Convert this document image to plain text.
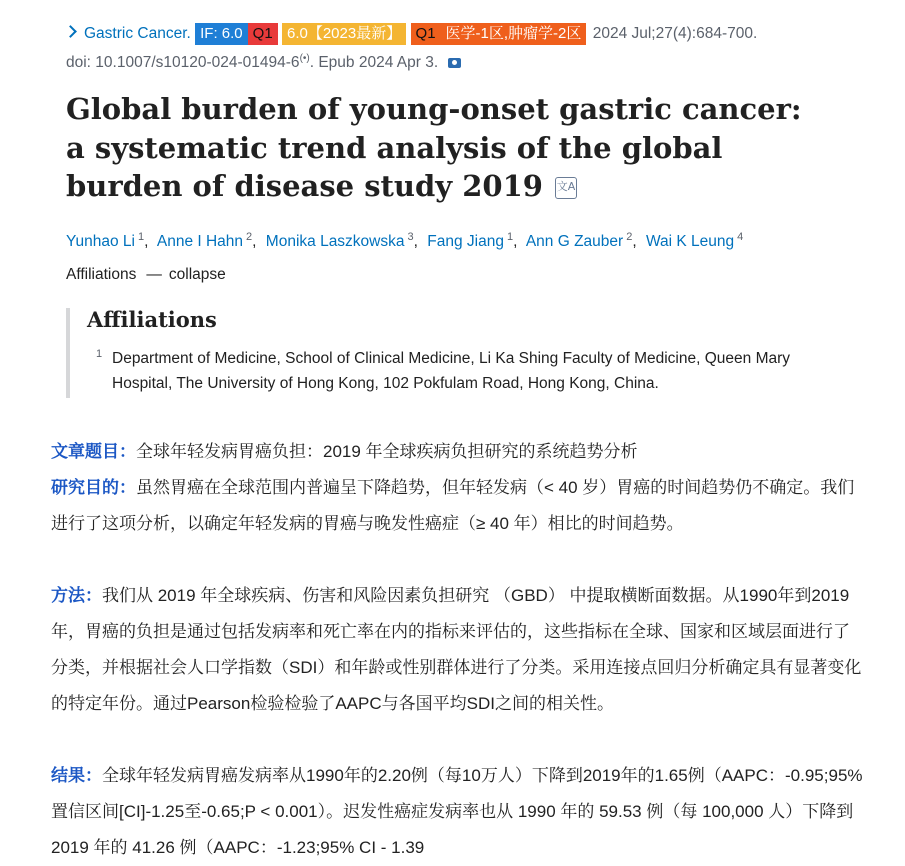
Gastric Cancer. IF: 6.0 Q1 6.0【2023最新】 Q1 医学-1区,肿瘤学-2区 2024 Jul;27(4):684-700.
doi: 10.1007/s10120-024-01494-6(•). Epub 2024 Apr 3.
Global burden of young-onset gastric cancer: a systematic trend analysis of the global burden of disease study 2019 文A
Yunhao Li $^1$, Anne I Hahn $^2$, Monika Laszkowska $^3$, Fang Jiang $^1$, Ann G Zauber $^2$, Wai K Leung $^4$
Affiliations — collapse
Affiliations
1 Department of Medicine, School of Clinical Medicine, Li Ka Shing Faculty of Medicine, Queen Mary Hospital, The University of Hong Kong, 102 Pokfulam Road, Hong Kong, China.
文章题目：全球年轻发病胃癌负担：2019 年全球疾病负担研究的系统趋势分析
研究目的：虽然胃癌在全球范围内普遍呈下降趋势，但年轻发病（< 40 岁）胃癌的时间趋势仍不确定。我们进行了这项分析，以确定年轻发病的胃癌与晚发性癌症（≥ 40 年）相比的时间趋势。
方法：我们从 2019 年全球疾病、伤害和风险因素负担研究 （GBD） 中提取横断面数据。从1990年到2019年，胃癌的负担是通过包括发病率和死亡率在内的指标来评估的，这些指标在全球、国家和区域层面进行了分类，并根据社会人口学指数（SDI）和年龄或性别群体进行了分类。采用连接点回归分析确定具有显著变化的特定年份。通过Pearson检验检验了AAPC与各国平均SDI之间的相关性。
结果：全球年轻发病胃癌发病率从1990年的2.20例（每10万人）下降到2019年的1.65例（AAPC：-0.95;95%置信区间[CI]-1.25至-0.65;P < 0.001）。迟发性癌症发病率也从 1990 年的 59.53 例（每 100,000 人）下降到 2019 年的 41.26 例（AAPC：-1.23;95% CI - 1.39
